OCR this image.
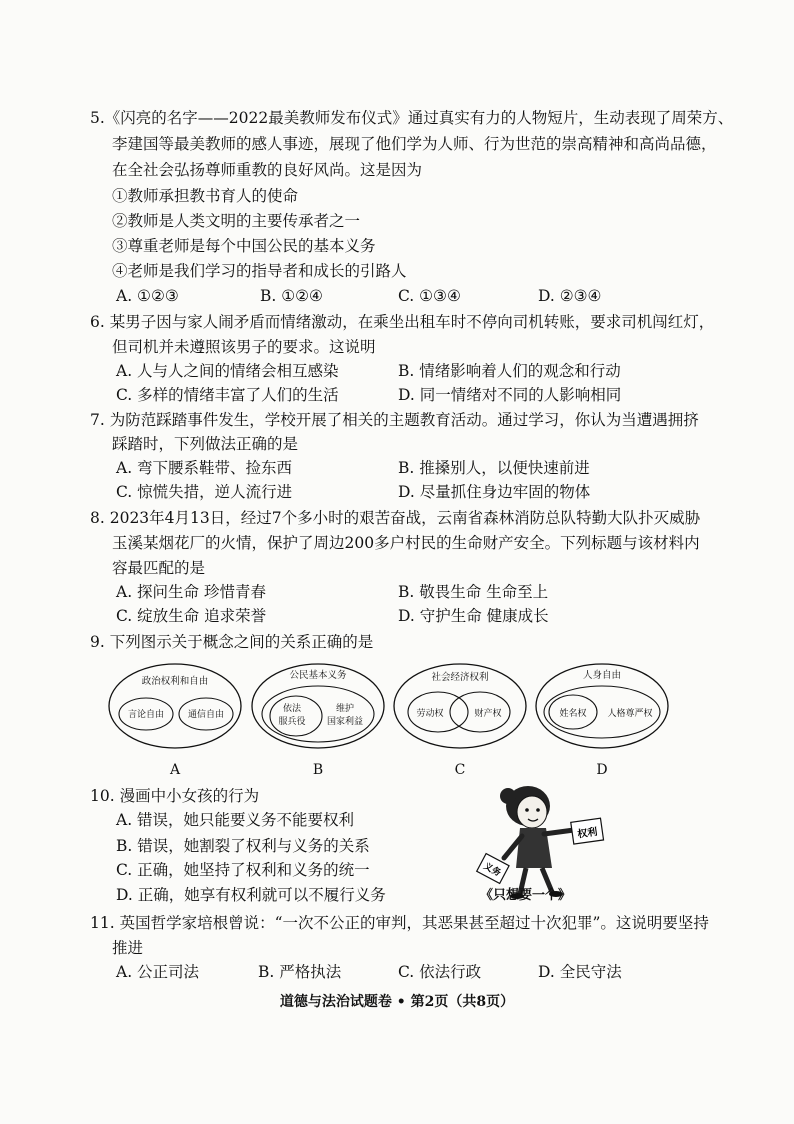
5.《闪亮的名字——2022最美教师发布仪式》通过真实有力的人物短片，生动表现了周荣方、
李建国等最美教师的感人事迹，展现了他们学为人师、行为世范的崇高精神和高尚品德，
在全社会弘扬尊师重教的良好风尚。这是因为
①教师承担教书育人的使命
②教师是人类文明的主要传承者之一
③尊重老师是每个中国公民的基本义务
④老师是我们学习的指导者和成长的引路人
A. ①②③	B. ①②④	C. ①③④	D. ②③④
6. 某男子因与家人闹矛盾而情绪激动，在乘坐出租车时不停向司机转账，要求司机闯红灯，
但司机并未遵照该男子的要求。这说明
A. 人与人之间的情绪会相互感染	B. 情绪影响着人们的观念和行动
C. 多样的情绪丰富了人们的生活	D. 同一情绪对不同的人影响相同
7. 为防范踩踏事件发生，学校开展了相关的主题教育活动。通过学习，你认为当遭遇拥挤
踩踏时，下列做法正确的是
A. 弯下腰系鞋带、捡东西	B. 推搡别人，以便快速前进
C. 惊慌失措，逆人流行进	D. 尽量抓住身边牢固的物体
8. 2023年4月13日，经过7个多小时的艰苦奋战，云南省森林消防总队特勤大队扑灭威胁
玉溪某烟花厂的火情，保护了周边200多户村民的生命财产安全。下列标题与该材料内
容最匹配的是
A. 探问生命 珍惜青春	B. 敬畏生命 生命至上
C. 绽放生命 追求荣誉	D. 守护生命 健康成长
9. 下列图示关于概念之间的关系正确的是
政治权利和自由
言论自由	通信自由
A
公民基本义务
依法
服兵役
维护
国家利益
B
社会经济权利
劳动权	财产权
C
人身自由
姓名权 人格尊严权
D
10. 漫画中小女孩的行为
A. 错误，她只能要义务不能要权利
B. 错误，她割裂了权利与义务的关系
C. 正确，她坚持了权利和义务的统一
D. 正确，她享有权利就可以不履行义务
权利
义务
《只想要一个》
11. 英国哲学家培根曾说：“一次不公正的审判，其恶果甚至超过十次犯罪”。这说明要坚持
推进
A. 公正司法	B. 严格执法	C. 依法行政	D. 全民守法
道德与法治试题卷 • 第2页（共8页）
